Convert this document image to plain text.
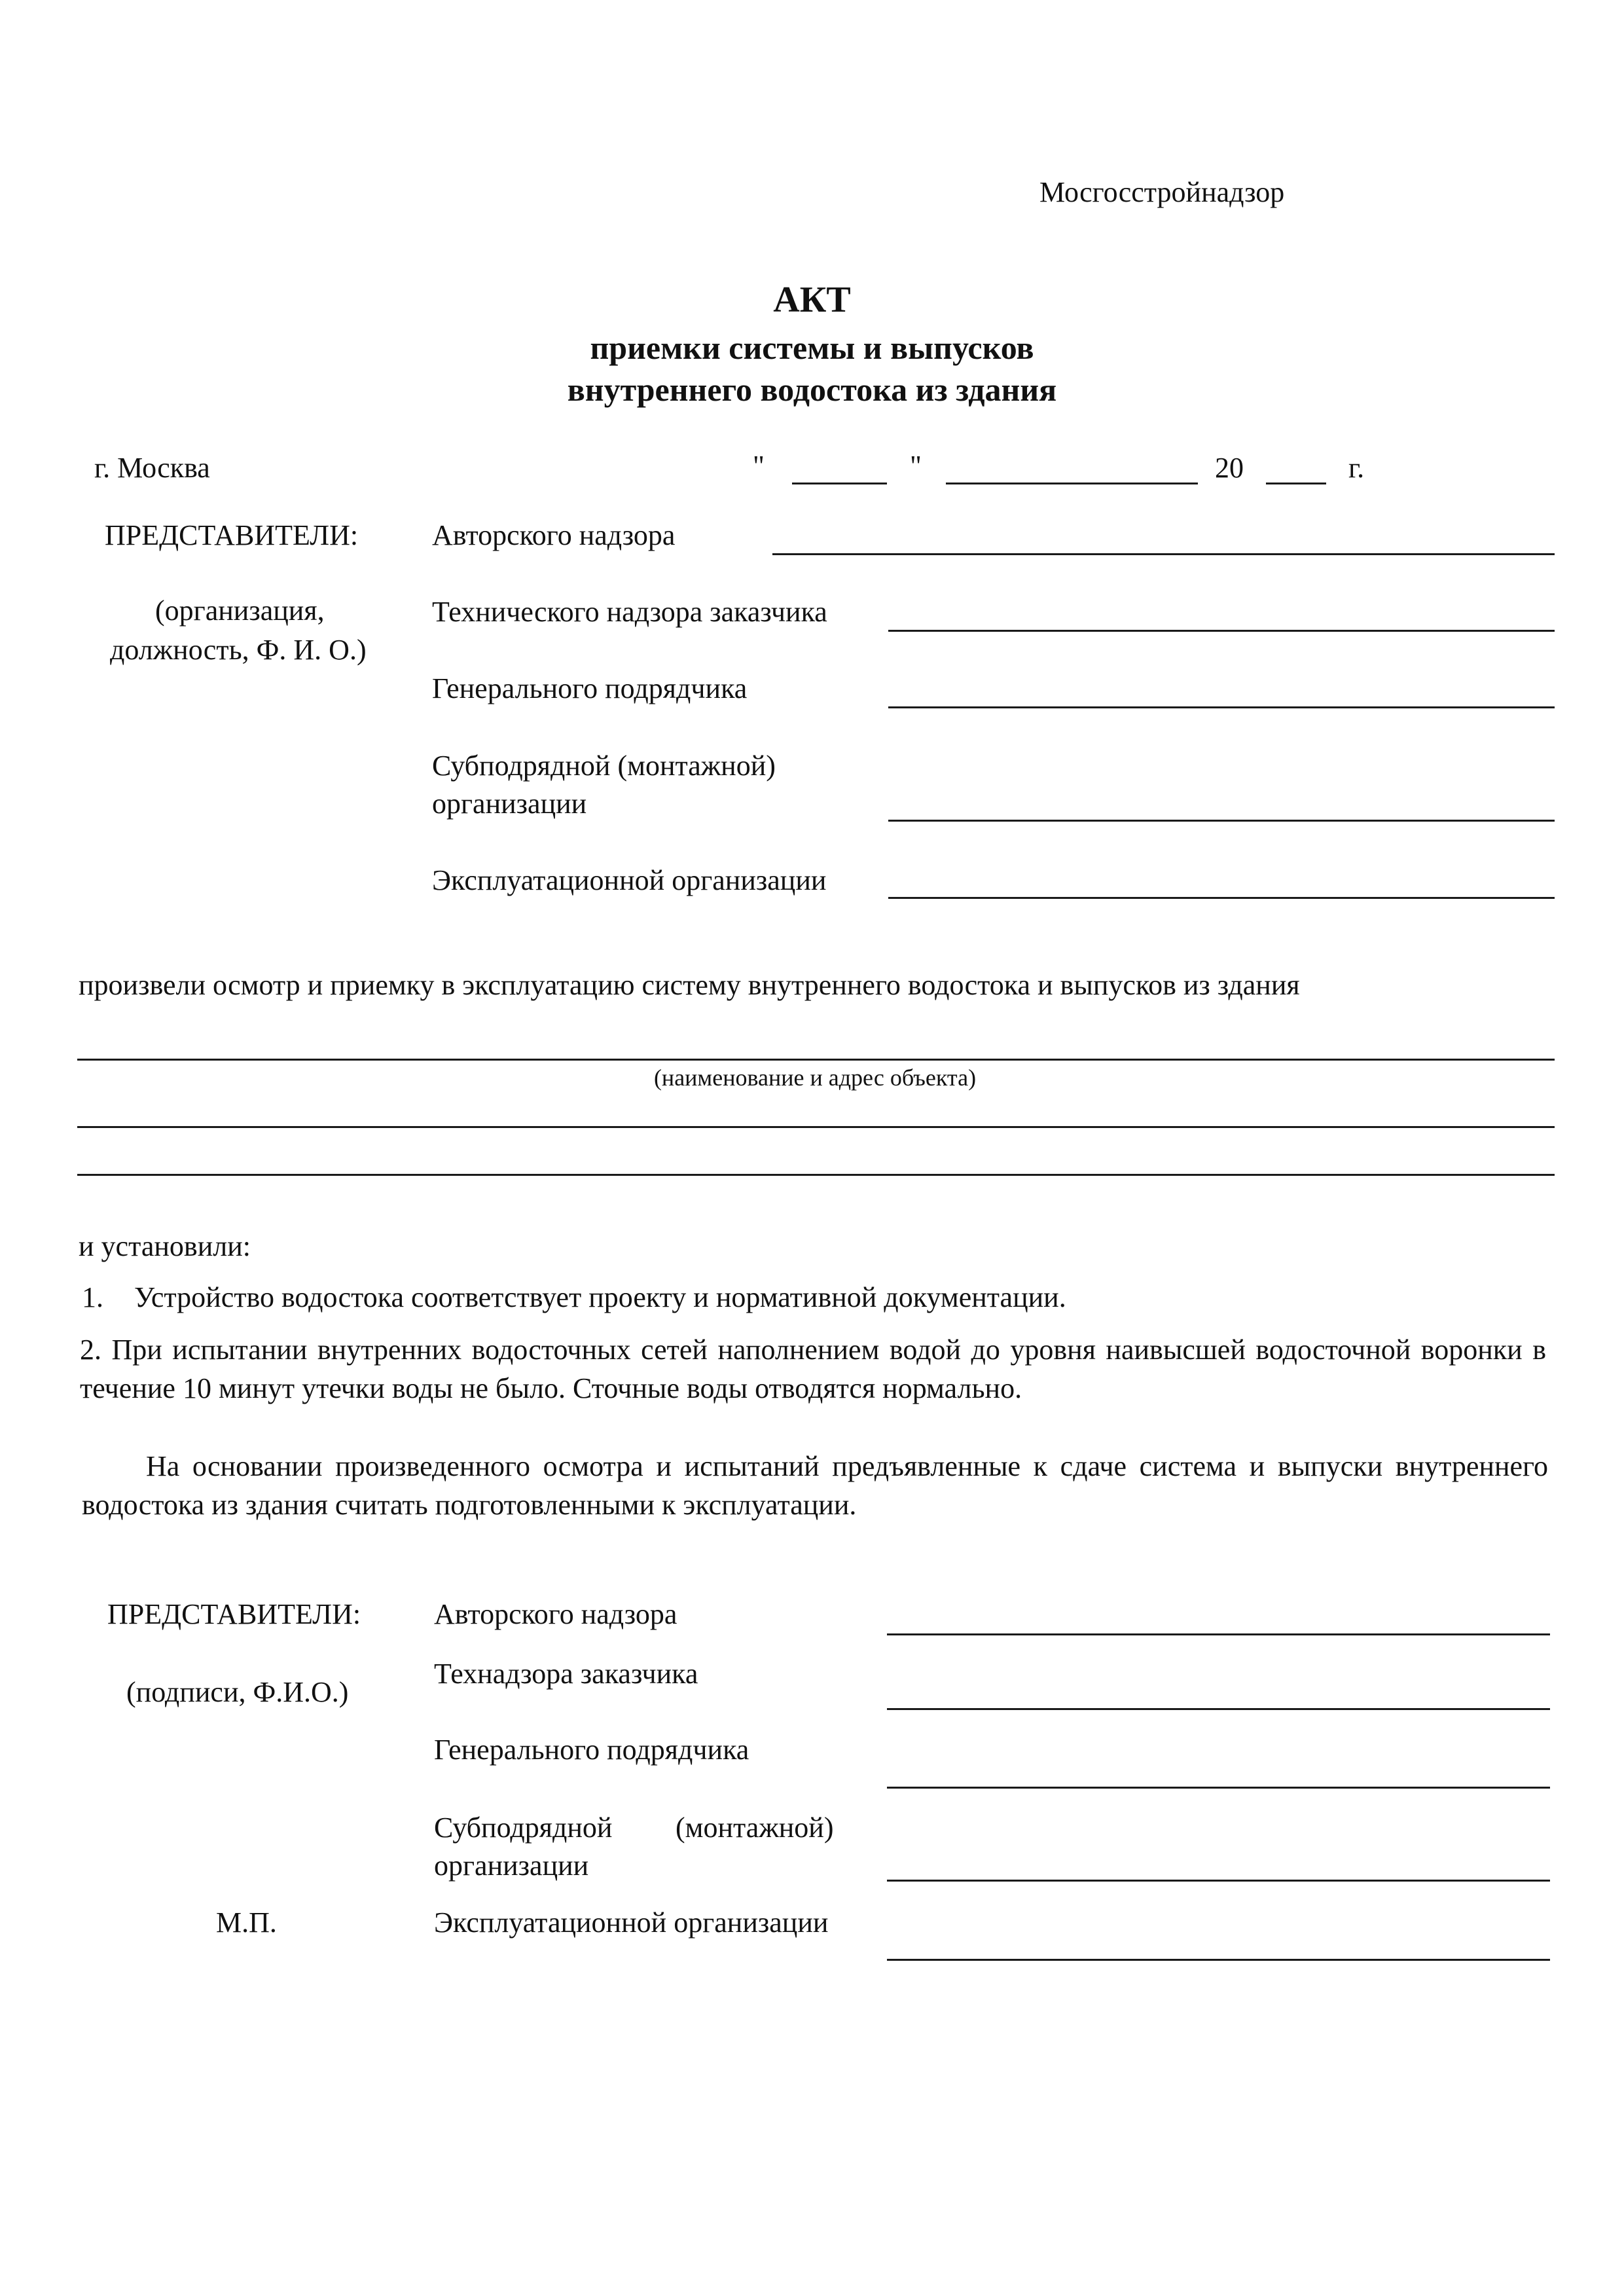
Мосгосстройнадзор
АКТ
приемки системы и выпусков
внутреннего водостока из здания
г. Москва	"	"	20	г.
ПРЕДСТАВИТЕЛИ:
(организация,
должность, Ф. И. О.)
Авторского надзора
Технического надзора заказчика
Генерального подрядчика
Субподрядной (монтажной)
организации
Эксплуатационной организации
произвели осмотр и приемку в эксплуатацию систему внутреннего водостока и выпусков из здания
(наименование и адрес объекта)
и установили:
1. Устройство водостока соответствует проекту и нормативной документации.
2. При испытании внутренних водосточных сетей наполнением водой до уровня наивысшей водосточной воронки в течение 10 минут утечки воды не было. Сточные воды отводятся нормально.
На основании произведенного осмотра и испытаний предъявленные к сдаче система и выпуски внутреннего водостока из здания считать подготовленными к эксплуатации.
ПРЕДСТАВИТЕЛИ:
(подписи, Ф.И.О.)
М.П.
Авторского надзора
Технадзора заказчика
Генерального подрядчика
Субподрядной (монтажной)
организации
Эксплуатационной организации
